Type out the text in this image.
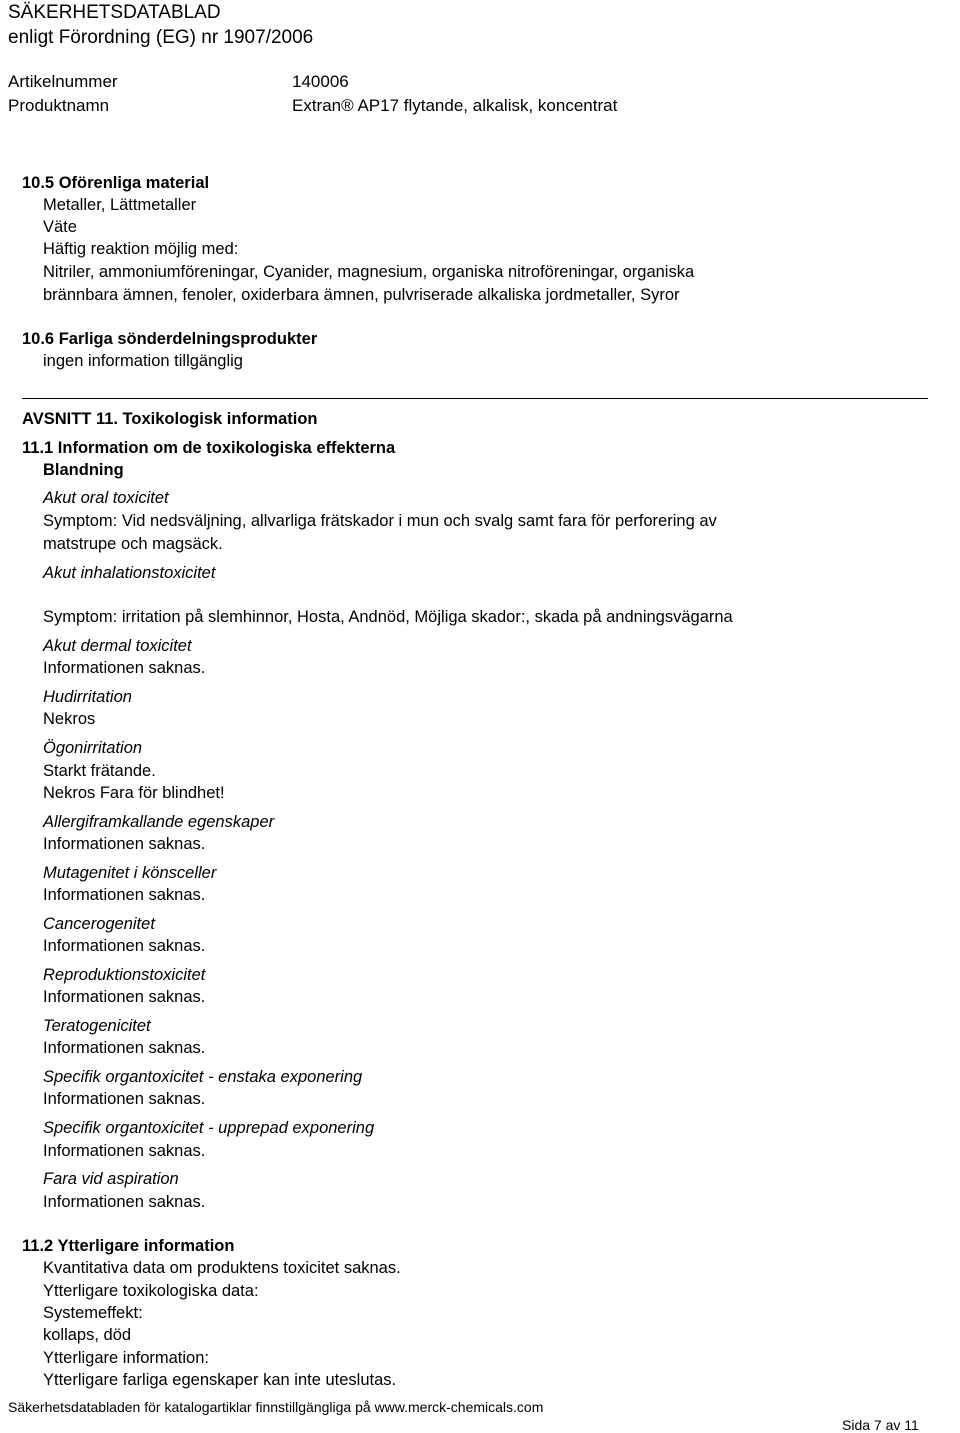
SÄKERHETSDATABLAD
enligt Förordning (EG) nr 1907/2006
Artikelnummer	140006
Produktnamn	Extran® AP17 flytande, alkalisk, koncentrat
10.5 Oförenliga material
Metaller, Lättmetaller
Väte
Häftig reaktion möjlig med:
Nitriler, ammoniumföreningar, Cyanider, magnesium, organiska nitroföreningar, organiska
brännbara ämnen, fenoler, oxiderbara ämnen, pulvriserade alkaliska jordmetaller, Syror
10.6 Farliga sönderdelningsprodukter
ingen information tillgänglig
AVSNITT 11. Toxikologisk information
11.1 Information om de toxikologiska effekterna
Blandning
Akut oral toxicitet
Symptom: Vid nedsväljning, allvarliga frätskador i mun och svalg samt fara för perforering av
matstrupe och magsäck.
Akut inhalationstoxicitet
Symptom: irritation på slemhinnor, Hosta, Andnöd, Möjliga skador:, skada på andningsvägarna
Akut dermal toxicitet
Informationen saknas.
Hudirritation
Nekros
Ögonirritation
Starkt frätande.
Nekros Fara för blindhet!
Allergiframkallande egenskaper
Informationen saknas.
Mutagenitet i könsceller
Informationen saknas.
Cancerogenitet
Informationen saknas.
Reproduktionstoxicitet
Informationen saknas.
Teratogenicitet
Informationen saknas.
Specifik organtoxicitet - enstaka exponering
Informationen saknas.
Specifik organtoxicitet - upprepad exponering
Informationen saknas.
Fara vid aspiration
Informationen saknas.
11.2 Ytterligare information
Kvantitativa data om produktens toxicitet saknas.
Ytterligare toxikologiska data:
Systemeffekt:
kollaps, död
Ytterligare information:
Ytterligare farliga egenskaper kan inte uteslutas.
Säkerhetsdatabladen för katalogartiklar finnstillgängliga på www.merck-chemicals.com
Sida 7 av 11
